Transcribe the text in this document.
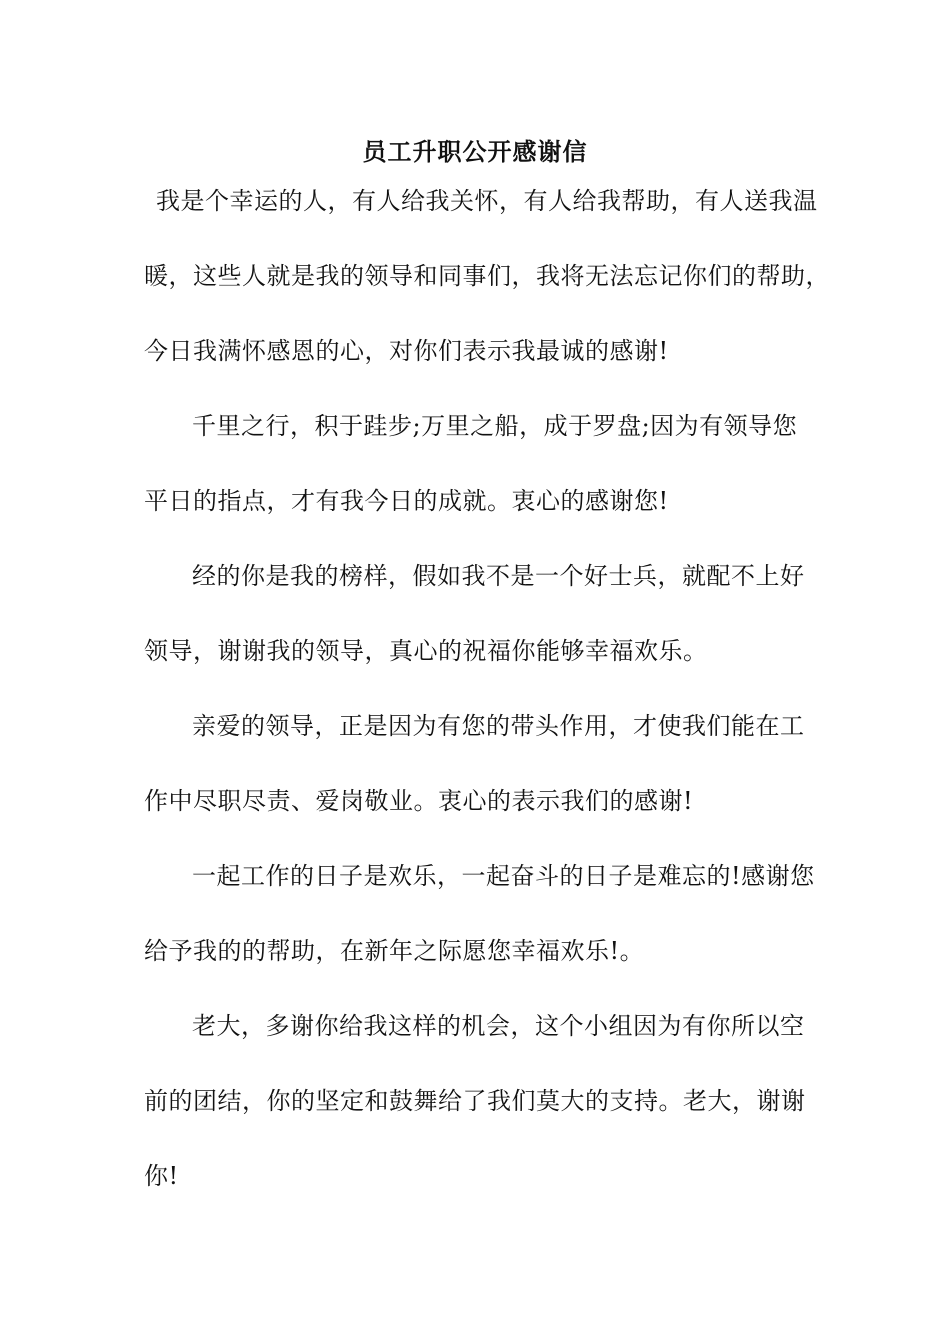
员工升职公开感谢信
我是个幸运的人，有人给我关怀，有人给我帮助，有人送我温
暖，这些人就是我的领导和同事们，我将无法忘记你们的帮助，
今日我满怀感恩的心，对你们表示我最诚的感谢!
千里之行，积于跬步;万里之船，成于罗盘;因为有领导您
平日的指点，才有我今日的成就。衷心的感谢您!
经的你是我的榜样，假如我不是一个好士兵，就配不上好
领导，谢谢我的领导，真心的祝福你能够幸福欢乐。
亲爱的领导，正是因为有您的带头作用，才使我们能在工
作中尽职尽责、爱岗敬业。衷心的表示我们的感谢!
一起工作的日子是欢乐，一起奋斗的日子是难忘的!感谢您
给予我的的帮助，在新年之际愿您幸福欢乐!。
老大，多谢你给我这样的机会，这个小组因为有你所以空
前的团结，你的坚定和鼓舞给了我们莫大的支持。老大，谢谢
你!
